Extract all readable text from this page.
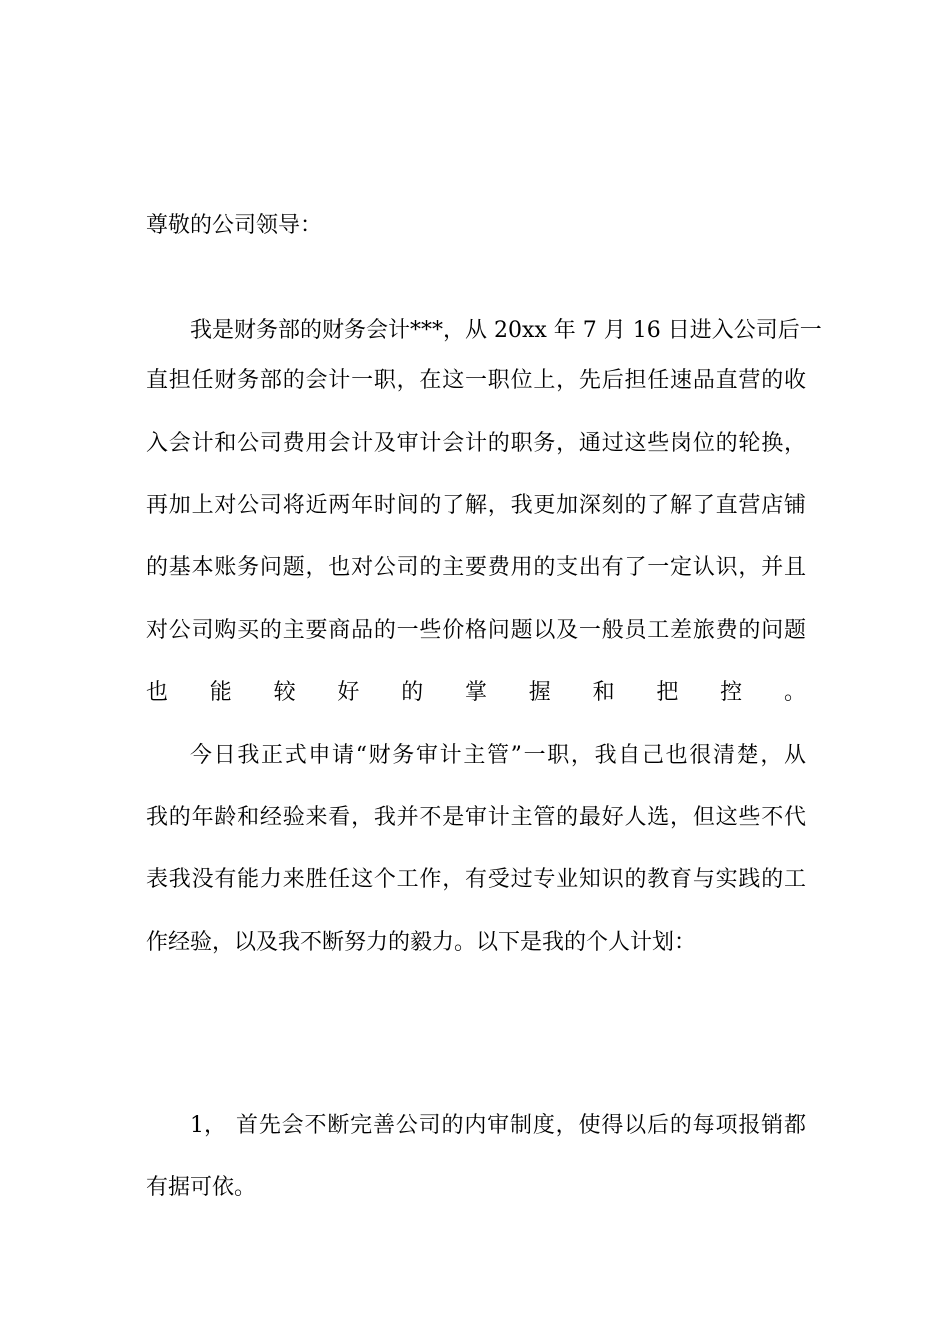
尊敬的公司领导：
我是财务部的财务会计***，从 20xx 年 7 月 16 日进入公司后一
直担任财务部的会计一职，在这一职位上，先后担任速品直营的收
入会计和公司费用会计及审计会计的职务，通过这些岗位的轮换，
再加上对公司将近两年时间的了解，我更加深刻的了解了直营店铺
的基本账务问题，也对公司的主要费用的支出有了一定认识，并且
对公司购买的主要商品的一些价格问题以及一般员工差旅费的问题
也能较好的掌握和把控。
今日我正式申请“财务审计主管”一职，我自己也很清楚，从
我的年龄和经验来看，我并不是审计主管的最好人选，但这些不代
表我没有能力来胜任这个工作，有受过专业知识的教育与实践的工
作经验，以及我不断努力的毅力。以下是我的个人计划：
1， 首先会不断完善公司的内审制度，使得以后的每项报销都
有据可依。
